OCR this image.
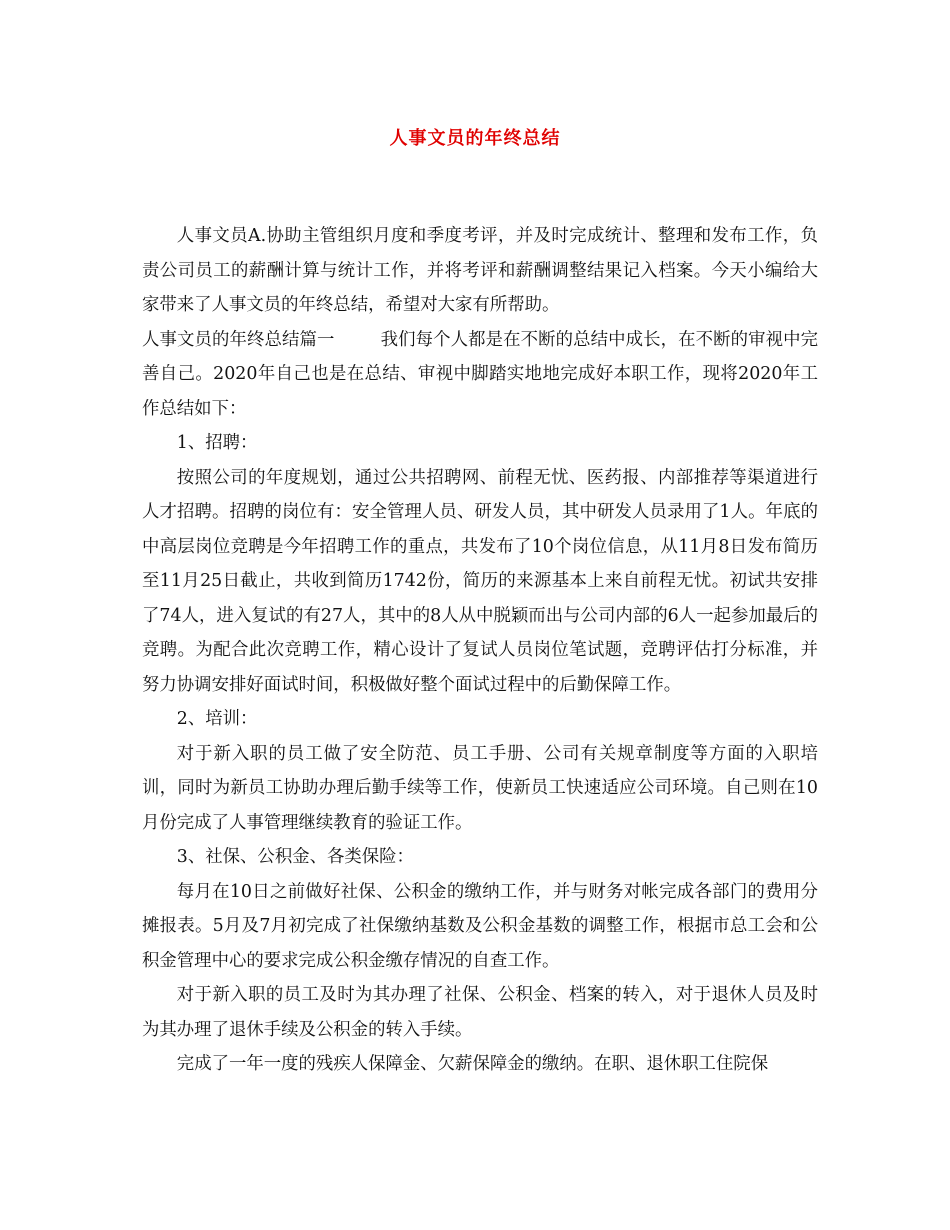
人事文员的年终总结

人事文员A.协助主管组织月度和季度考评，并及时完成统计、整理和发布工作，负责公司员工的薪酬计算与统计工作，并将考评和薪酬调整结果记入档案。今天小编给大家带来了人事文员的年终总结，希望对大家有所帮助。

人事文员的年终总结篇一	我们每个人都是在不断的总结中成长，在不断的审视中完善自己。2020年自己也是在总结、审视中脚踏实地地完成好本职工作，现将2020年工作总结如下：

1、招聘：

按照公司的年度规划，通过公共招聘网、前程无忧、医药报、内部推荐等渠道进行人才招聘。招聘的岗位有：安全管理人员、研发人员，其中研发人员录用了1人。年底的中高层岗位竞聘是今年招聘工作的重点，共发布了10个岗位信息，从11月8日发布简历至11月25日截止，共收到简历1742份，简历的来源基本上来自前程无忧。初试共安排了74人，进入复试的有27人，其中的8人从中脱颖而出与公司内部的6人一起参加最后的竞聘。为配合此次竞聘工作，精心设计了复试人员岗位笔试题，竞聘评估打分标准，并努力协调安排好面试时间，积极做好整个面试过程中的后勤保障工作。

2、培训：

对于新入职的员工做了安全防范、员工手册、公司有关规章制度等方面的入职培训，同时为新员工协助办理后勤手续等工作，使新员工快速适应公司环境。自己则在10月份完成了人事管理继续教育的验证工作。

3、社保、公积金、各类保险：

每月在10日之前做好社保、公积金的缴纳工作，并与财务对帐完成各部门的费用分摊报表。5月及7月初完成了社保缴纳基数及公积金基数的调整工作，根据市总工会和公积金管理中心的要求完成公积金缴存情况的自查工作。

对于新入职的员工及时为其办理了社保、公积金、档案的转入，对于退休人员及时为其办理了退休手续及公积金的转入手续。

完成了一年一度的残疾人保障金、欠薪保障金的缴纳。在职、退休职工住院保
